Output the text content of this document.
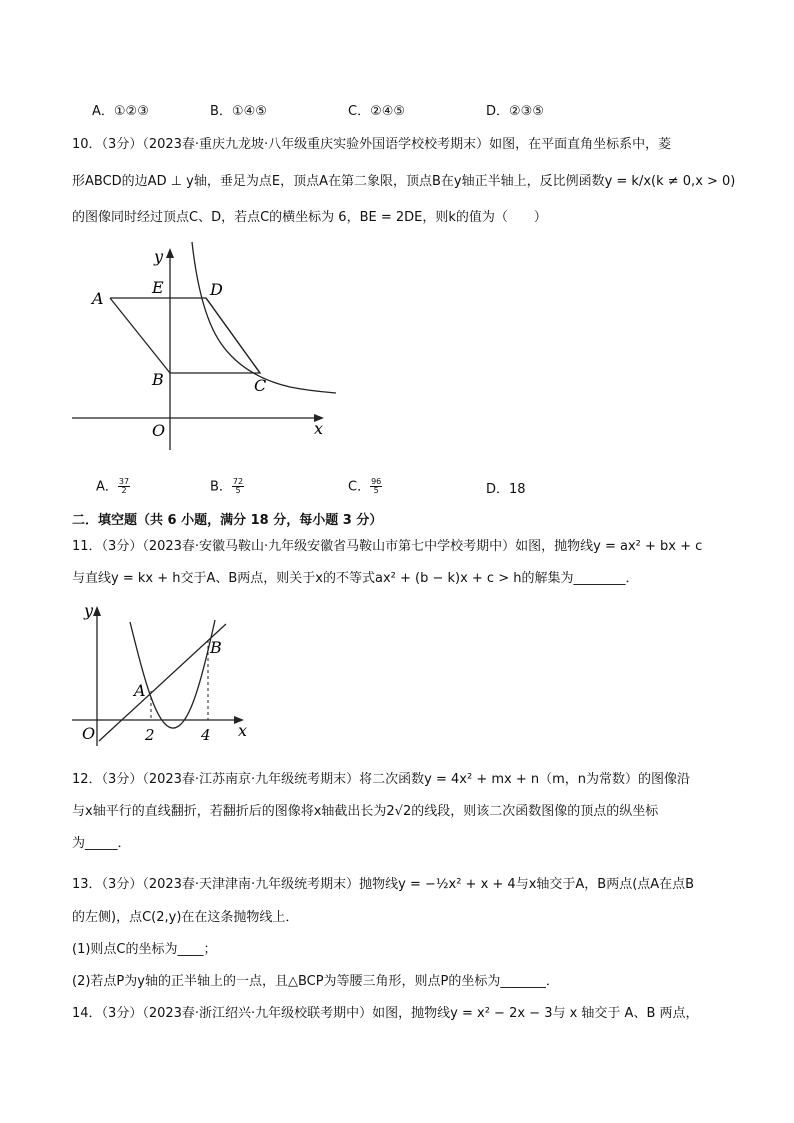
A．①②③	B．①④⑤	C．②④⑤	D．②③⑤
10．（3分）（2023春·重庆九龙坡·八年级重庆实验外国语学校校考期末）如图，在平面直角坐标系中，菱
形ABCD的边AD ⊥ y轴，垂足为点E，顶点A在第二象限，顶点B在y轴正半轴上，反比例函数y = k/x(k ≠ 0,x > 0)
的图像同时经过顶点C、D，若点C的横坐标为 6，BE = 2DE，则k的值为（　　）
y
x
A
E	D
B	C
O
A． $\frac{37}{2}$	B． $\frac{72}{5}$	C． $\frac{96}{5}$	D．18
二．填空题（共 6 小题，满分 18 分，每小题 3 分）
11．（3分）（2023春·安徽马鞍山·九年级安徽省马鞍山市第七中学校考期中）如图，抛物线y = ax² + bx + c
与直线y = kx + h交于A、B两点，则关于x的不等式ax² + (b − k)x + c > h的解集为________．
y
x
O
A
B
2	4
12．（3分）（2023春·江苏南京·九年级统考期末）将二次函数y = 4x² + mx + n（m，n为常数）的图像沿
与x轴平行的直线翻折，若翻折后的图像将x轴截出长为2√2的线段，则该二次函数图像的顶点的纵坐标
为_____．
13．（3分）（2023春·天津津南·九年级统考期末）抛物线y = −½x² + x + 4与x轴交于A，B两点(点A在点B
的左侧)，点C(2,y)在在这条抛物线上．
(1)则点C的坐标为____；
(2)若点P为y轴的正半轴上的一点，且△BCP为等腰三角形，则点P的坐标为_______．
14．（3分）（2023春·浙江绍兴·九年级校联考期中）如图，抛物线y = x² − 2x − 3与 x 轴交于 A、B 两点，
